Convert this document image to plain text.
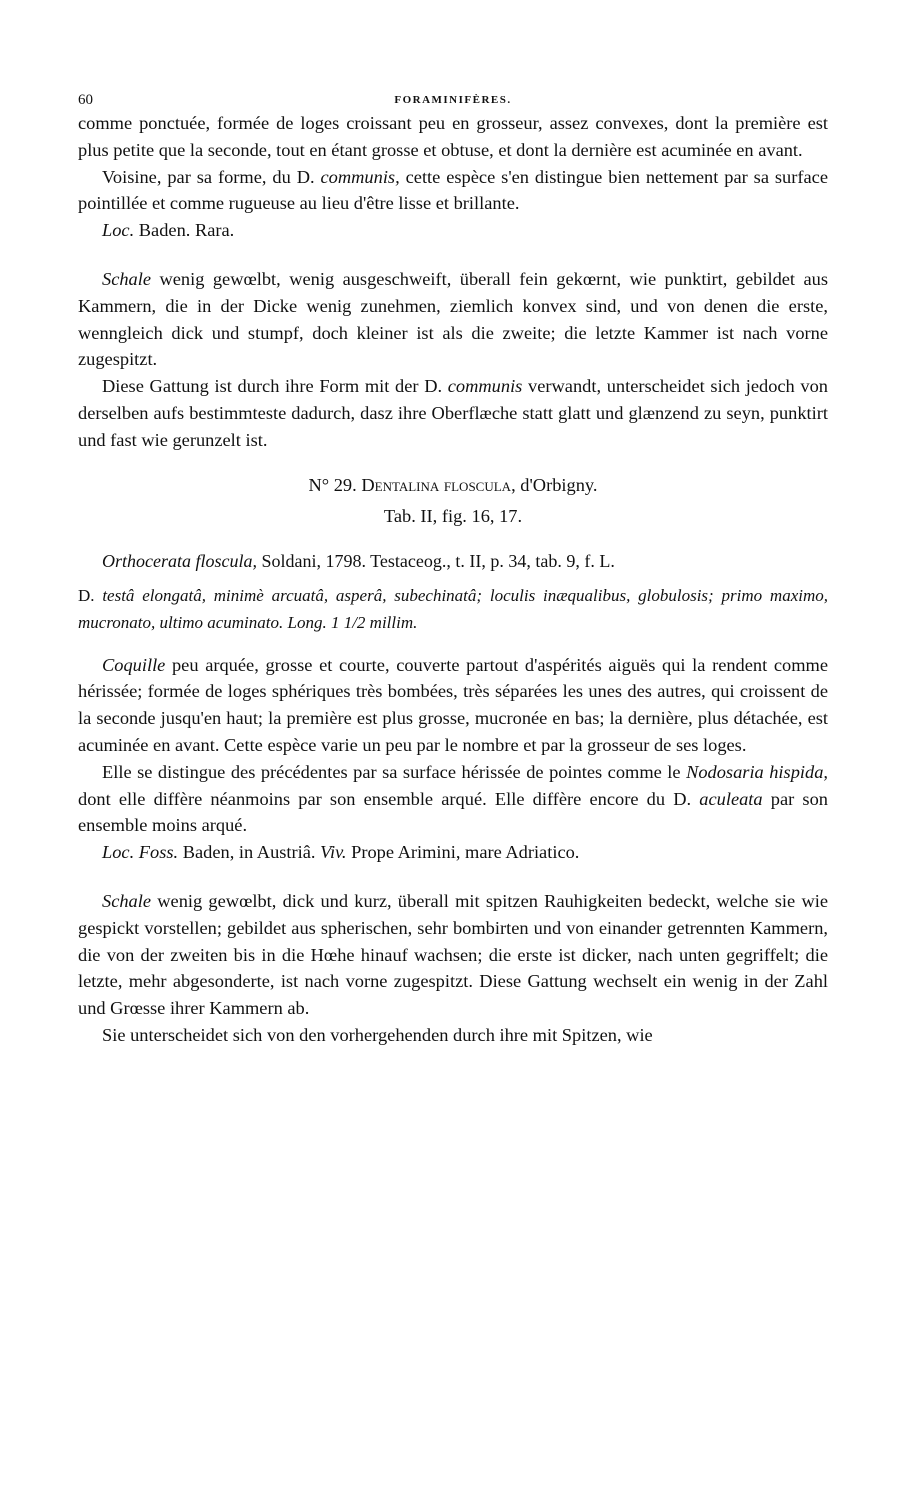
60	FORAMINIFÈRES.

comme ponctuée, formée de loges croissant peu en grosseur, assez convexes, dont la première est plus petite que la seconde, tout en étant grosse et obtuse, et dont la dernière est acuminée en avant.

Voisine, par sa forme, du D. communis, cette espèce s'en distingue bien nettement par sa surface pointillée et comme rugueuse au lieu d'être lisse et brillante.

Loc. Baden. Rara.

Schale wenig gewœlbt, wenig ausgeschweift, überall fein gekœrnt, wie punktirt, gebildet aus Kammern, die in der Dicke wenig zunehmen, ziemlich konvex sind, und von denen die erste, wenngleich dick und stumpf, doch kleiner ist als die zweite; die letzte Kammer ist nach vorne zugespitzt.

Diese Gattung ist durch ihre Form mit der D. communis verwandt, unterscheidet sich jedoch von derselben aufs bestimmteste dadurch, dasz ihre Oberflæche statt glatt und glænzend zu seyn, punktirt und fast wie gerunzelt ist.

N° 29. Dentalina floscula, d'Orbigny.
Tab. II, fig. 16, 17.

Orthocerata floscula, Soldani, 1798. Testaceog., t. II, p. 34, tab. 9, f. L.

D. testâ elongatâ, minimè arcuatâ, asperâ, subechinatâ; loculis inæqualibus, globulosis; primo maximo, mucronato, ultimo acuminato. Long. 1 1/2 millim.

Coquille peu arquée, grosse et courte, couverte partout d'aspérités aiguës qui la rendent comme hérissée; formée de loges sphériques très bombées, très séparées les unes des autres, qui croissent de la seconde jusqu'en haut; la première est plus grosse, mucronée en bas; la dernière, plus détachée, est acuminée en avant. Cette espèce varie un peu par le nombre et par la grosseur de ses loges.

Elle se distingue des précédentes par sa surface hérissée de pointes comme le Nodosaria hispida, dont elle diffère néanmoins par son ensemble arqué. Elle diffère encore du D. aculeata par son ensemble moins arqué.

Loc. Foss. Baden, in Austriâ. Viv. Prope Arimini, mare Adriatico.

Schale wenig gewœlbt, dick und kurz, überall mit spitzen Rauhigkeiten bedeckt, welche sie wie gespickt vorstellen; gebildet aus spherischen, sehr bombirten und von einander getrennten Kammern, die von der zweiten bis in die Hœhe hinauf wachsen; die erste ist dicker, nach unten gegriffelt; die letzte, mehr abgesonderte, ist nach vorne zugespitzt. Diese Gattung wechselt ein wenig in der Zahl und Grœsse ihrer Kammern ab.

Sie unterscheidet sich von den vorhergehenden durch ihre mit Spitzen, wie
